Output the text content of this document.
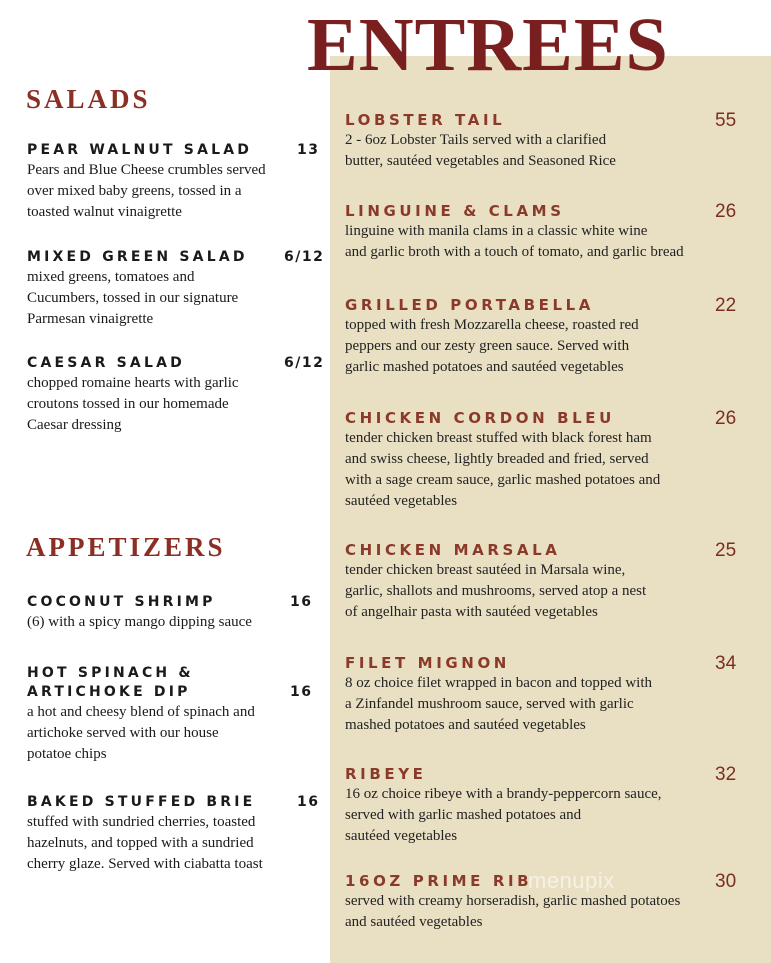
ENTREES
SALADS
PEAR WALNUT SALAD	13
Pears and Blue Cheese crumbles served
over mixed baby greens, tossed in a
toasted walnut vinaigrette
MIXED GREEN SALAD	6/12
mixed greens, tomatoes and
Cucumbers, tossed in our signature
Parmesan vinaigrette
CAESAR SALAD	6/12
chopped romaine hearts with garlic
croutons tossed in our homemade
Caesar dressing
APPETIZERS
COCONUT SHRIMP	16
(6) with a spicy mango dipping sauce
HOT SPINACH &
ARTICHOKE DIP	16
a hot and cheesy blend of spinach and
artichoke served with our house
potatoe chips
BAKED STUFFED BRIE	16
stuffed with sundried cherries, toasted
hazelnuts, and topped with a sundried
cherry glaze. Served with ciabatta toast
LOBSTER TAIL	55
2 - 6oz Lobster Tails served with a clarified
butter, sautéed vegetables and Seasoned Rice
LINGUINE & CLAMS	26
linguine with manila clams in a classic white wine
and garlic broth with a touch of tomato, and garlic bread
GRILLED PORTABELLA	22
topped with fresh Mozzarella cheese, roasted red
peppers and our zesty green sauce. Served with
garlic mashed potatoes and sautéed vegetables
CHICKEN CORDON BLEU	26
tender chicken breast stuffed with black forest ham
and swiss cheese, lightly breaded and fried, served
with a sage cream sauce, garlic mashed potatoes and
sautéed vegetables
CHICKEN MARSALA	25
tender chicken breast sautéed in Marsala wine,
garlic, shallots and mushrooms, served atop a nest
of angelhair pasta with sautéed vegetables
FILET MIGNON	34
8 oz choice filet wrapped in bacon and topped with
a Zinfandel mushroom sauce, served with garlic
mashed potatoes and sautéed vegetables
RIBEYE	32
16 oz choice ribeye with a brandy-peppercorn sauce,
served with garlic mashed potatoes and
sautéed vegetables
16OZ PRIME RIB	30
served with creamy horseradish, garlic mashed potatoes
and sautéed vegetables
menupix
